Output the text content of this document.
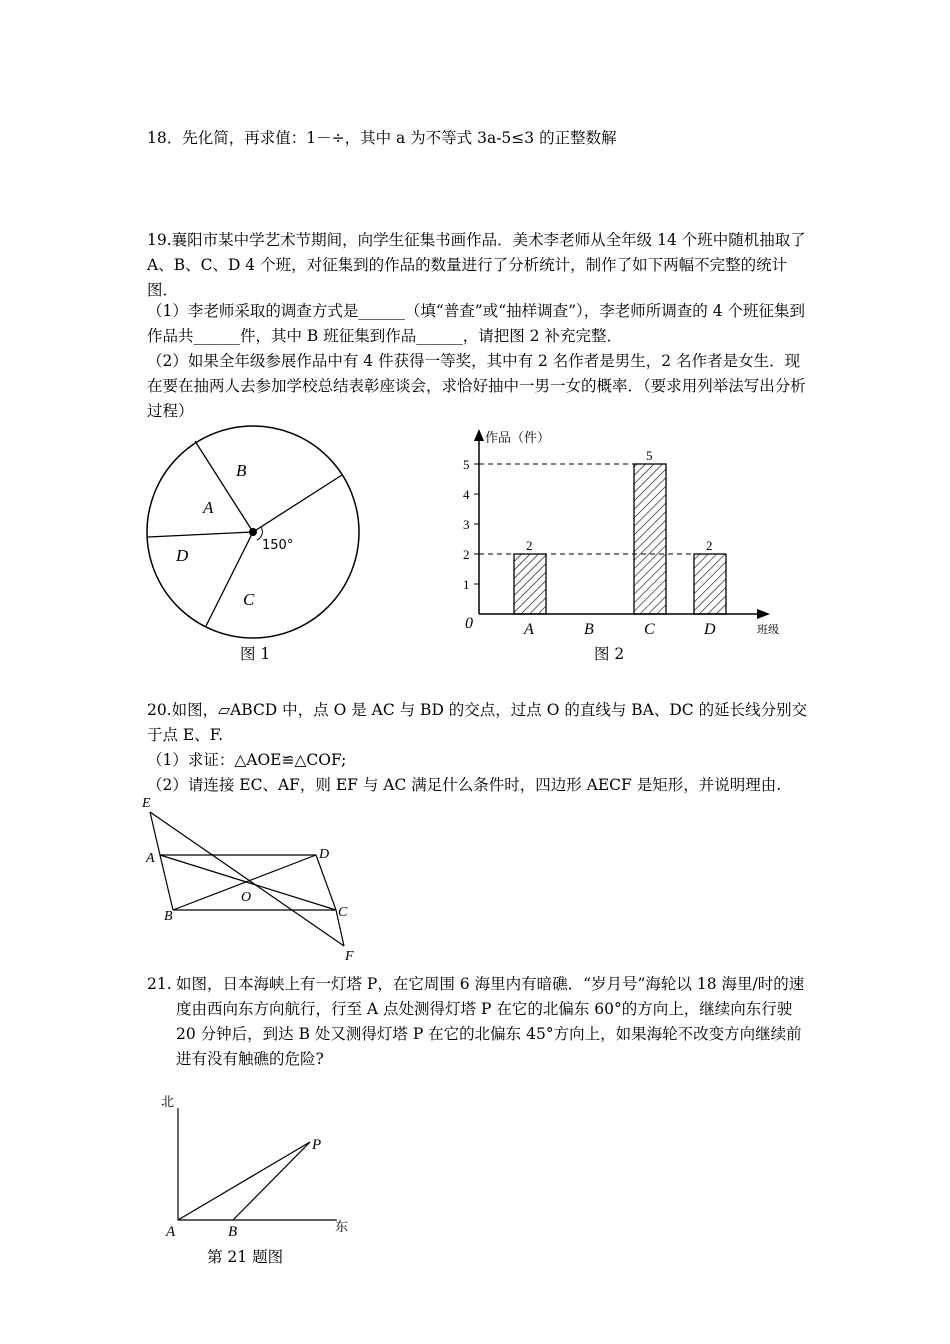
18．先化简，再求值：1－÷，其中 a 为不等式 3a-5≤3 的正整数解
19.襄阳市某中学艺术节期间，向学生征集书画作品．美术李老师从全年级 14 个班中随机抽取了 A、B、C、D 4 个班，对征集到的作品的数量进行了分析统计，制作了如下两幅不完整的统计图．
（1）李老师采取的调查方式是______（填“普查”或“抽样调查”），李老师所调查的 4 个班征集到作品共______件，其中 B 班征集到作品______，请把图 2 补充完整．
（2）如果全年级参展作品中有 4 件获得一等奖，其中有 2 名作者是男生，2 名作者是女生．现在要在抽两人去参加学校总结表彰座谈会，求恰好抽中一男一女的概率．（要求用列举法写出分析过程）
B
A
D
C
150°
图 1
作品（件）
班级
0
1
2
3
4
5
2
A	B
5
C
2
D
图 2
20.如图，▱ABCD 中，点 O 是 AC 与 BD 的交点，过点 O 的直线与 BA、DC 的延长线分别交于点 E、F.
（1）求证：△AOE≌△COF;
（2）请连接 EC、AF，则 EF 与 AC 满足什么条件时，四边形 AECF 是矩形，并说明理由.
E
A	D
O
B	C
F
21. 如图，日本海峡上有一灯塔 P，在它周围 6 海里内有暗礁．“岁月号”海轮以 18 海里/时的速度由西向东方向航行，行至 A 点处测得灯塔 P 在它的北偏东 60°的方向上，继续向东行驶 20 分钟后，到达 B 处又测得灯塔 P 在它的北偏东 45°方向上，如果海轮不改变方向继续前进有没有触礁的危险?
北
东
A	B
P
第 21 题图
